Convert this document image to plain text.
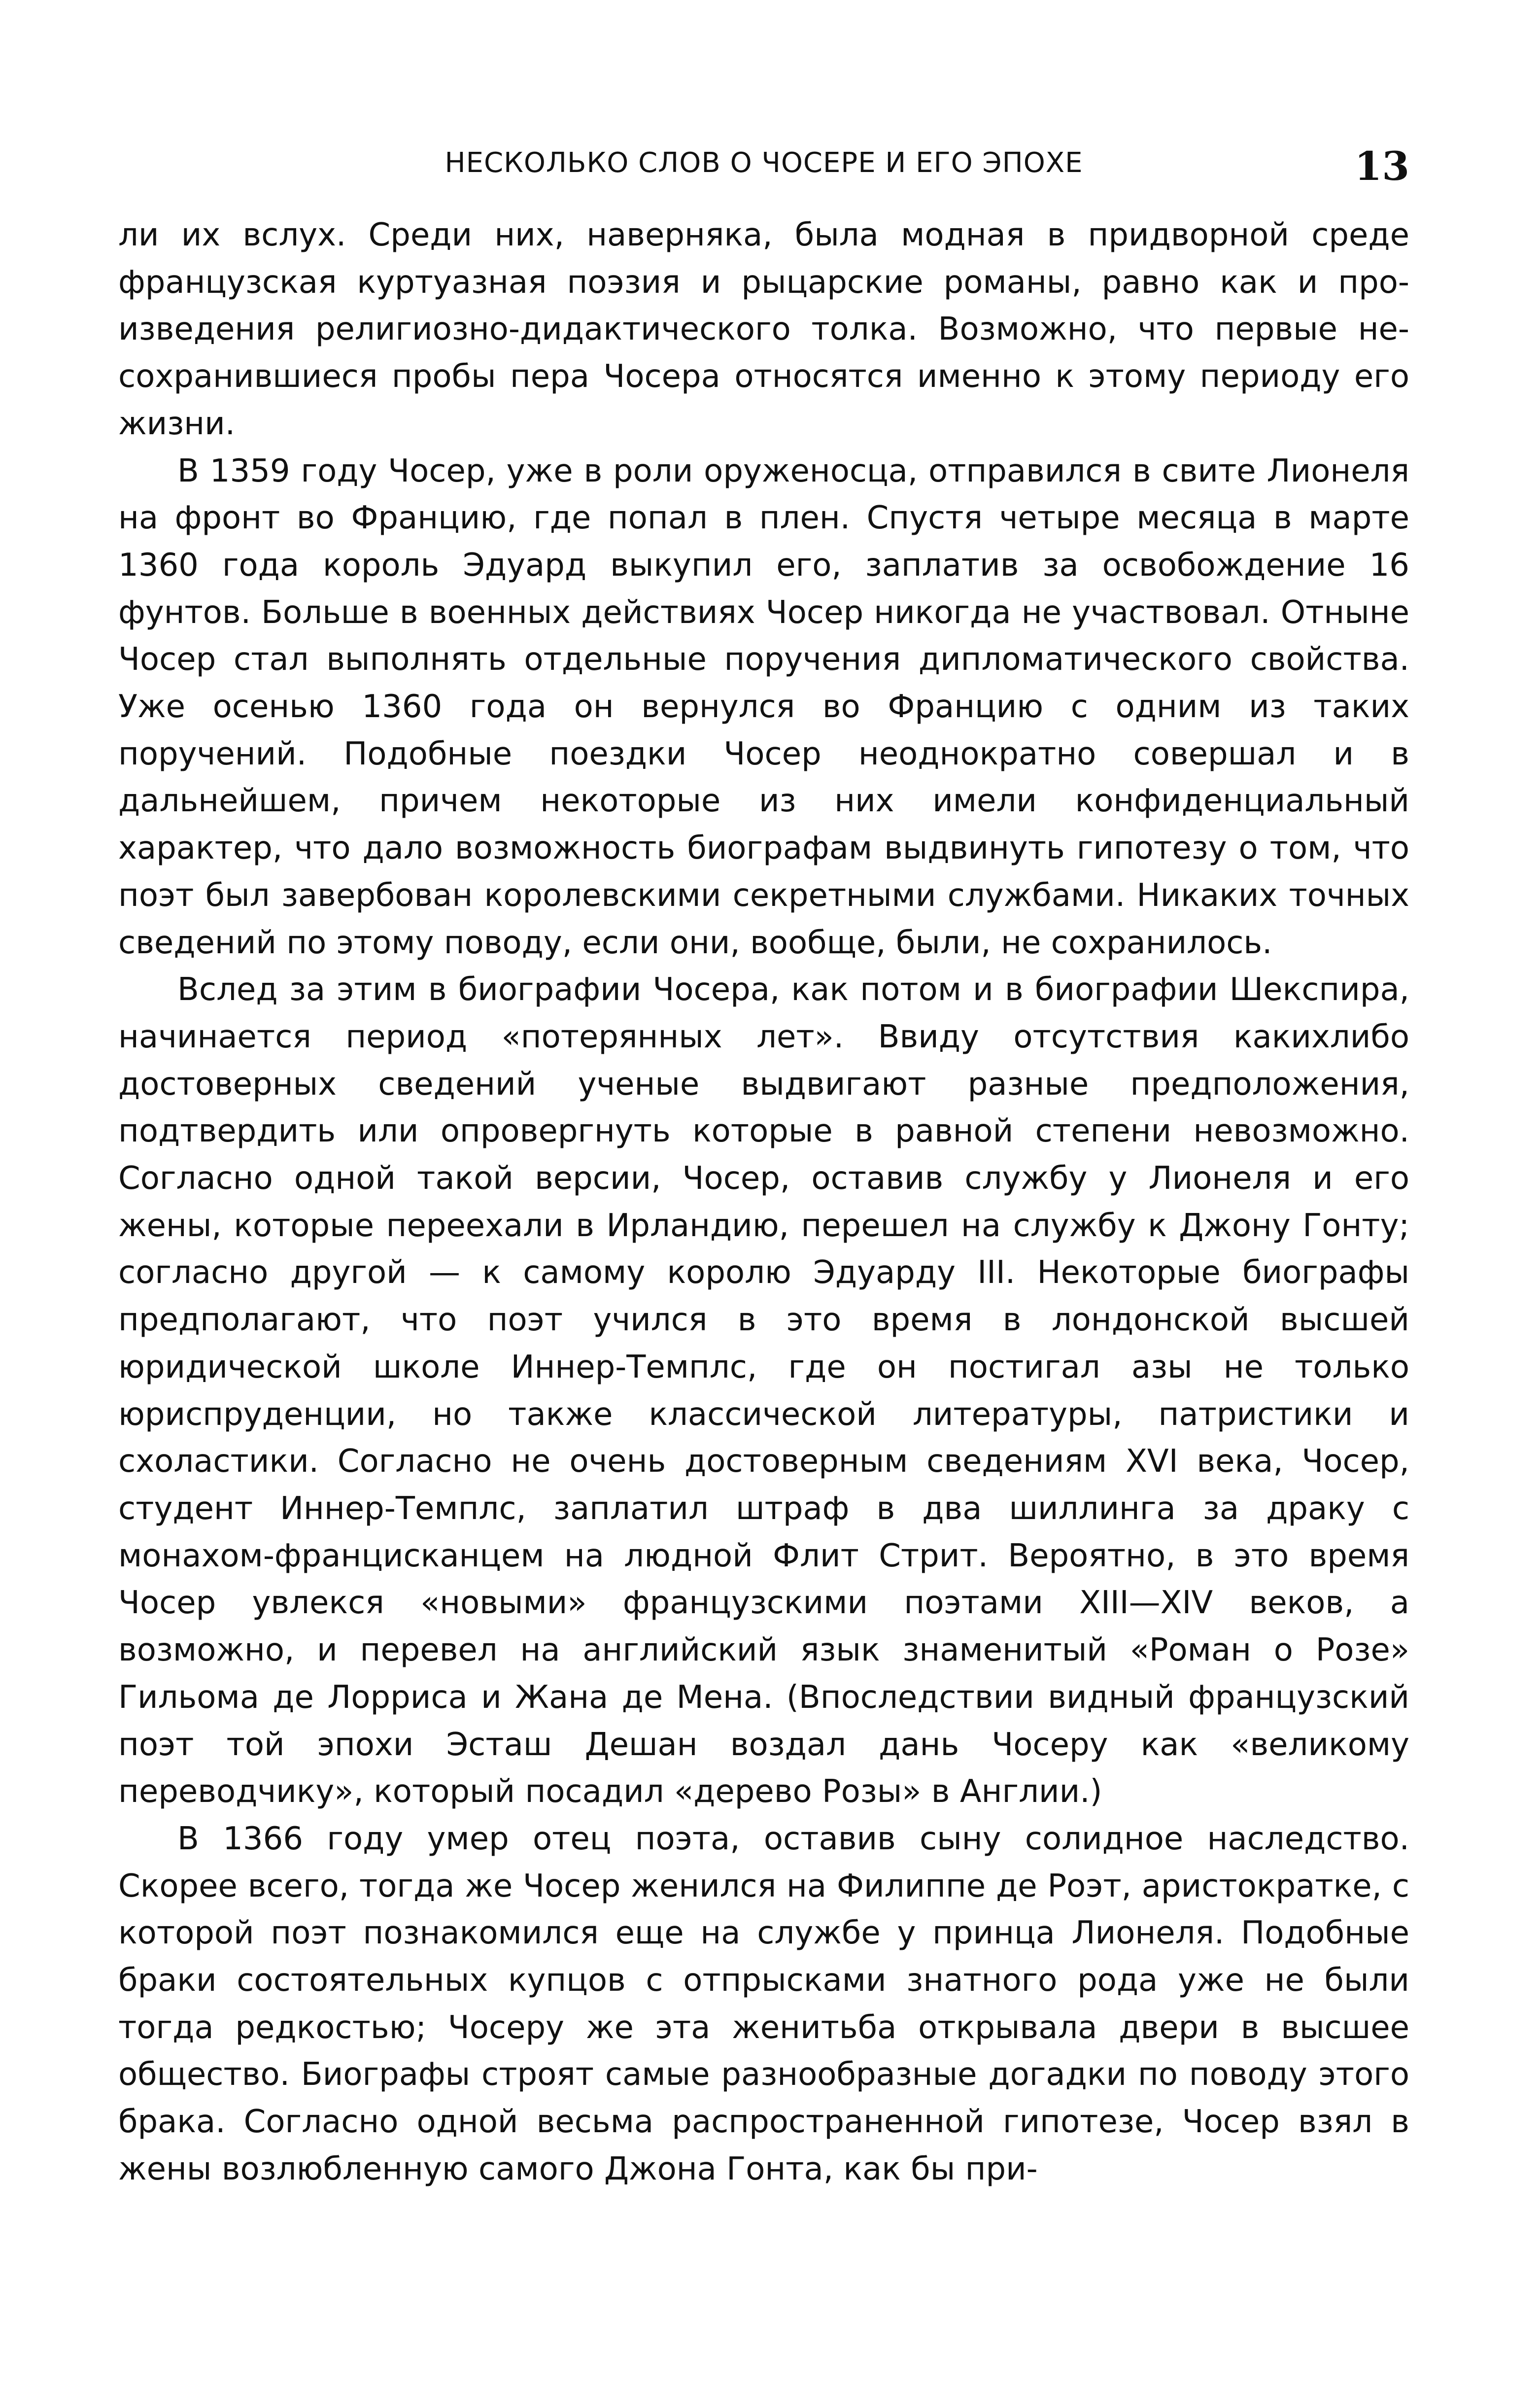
НЕСКОЛЬКО СЛОВ О ЧОСЕРЕ И ЕГО ЭПОХЕ	13

ли их вслух. Среди них, наверняка, была модная в придворной среде французская куртуазная поэзия и рыцарские романы, равно как и произведения религиозно-дидактического толка. Возможно, что первые несохранившиеся пробы пера Чосера относятся именно к этому периоду его жизни.

В 1359 году Чосер, уже в роли оруженосца, отправился в свите Лионеля на фронт во Францию, где попал в плен. Спустя четыре месяца в марте 1360 года король Эдуард выкупил его, заплатив за освобождение 16 фунтов. Больше в военных действиях Чосер никогда не участвовал. Отныне Чосер стал выполнять отдельные поручения дипломатического свойства. Уже осенью 1360 года он вернулся во Францию с одним из таких поручений. Подобные поездки Чосер неоднократно совершал и в дальнейшем, причем некоторые из них имели конфиденциальный характер, что дало возможность биографам выдвинуть гипотезу о том, что поэт был завербован королевскими секретными службами. Никаких точных сведений по этому поводу, если они, вообще, были, не сохранилось.

Вслед за этим в биографии Чосера, как потом и в биографии Шекспира, начинается период «потерянных лет». Ввиду отсутствия какихлибо достоверных сведений ученые выдвигают разные предположения, подтвердить или опровергнуть которые в равной степени невозможно. Согласно одной такой версии, Чосер, оставив службу у Лионеля и его жены, которые переехали в Ирландию, перешел на службу к Джону Гонту; согласно другой — к самому королю Эдуарду III. Некоторые биографы предполагают, что поэт учился в это время в лондонской высшей юридической школе Иннер-Темплс, где он постигал азы не только юриспруденции, но также классической литературы, патристики и схоластики. Согласно не очень достоверным сведениям XVI века, Чосер, студент Иннер-Темплс, заплатил штраф в два шиллинга за драку с монахом-францисканцем на людной Флит Стрит. Вероятно, в это время Чосер увлекся «новыми» французскими поэтами XIII—XIV веков, а возможно, и перевел на английский язык знаменитый «Роман о Розе» Гильома де Лорриса и Жана де Мена. (Впоследствии видный французский поэт той эпохи Эсташ Дешан воздал дань Чосеру как «великому переводчику», который посадил «дерево Розы» в Англии.)

В 1366 году умер отец поэта, оставив сыну солидное наследство. Скорее всего, тогда же Чосер женился на Филиппе де Роэт, аристократке, с которой поэт познакомился еще на службе у принца Лионеля. Подобные браки состоятельных купцов с отпрысками знатного рода уже не были тогда редкостью; Чосеру же эта женитьба открывала двери в высшее общество. Биографы строят самые разнообразные догадки по поводу этого брака. Согласно одной весьма распространенной гипотезе, Чосер взял в жены возлюбленную самого Джона Гонта, как бы при-
